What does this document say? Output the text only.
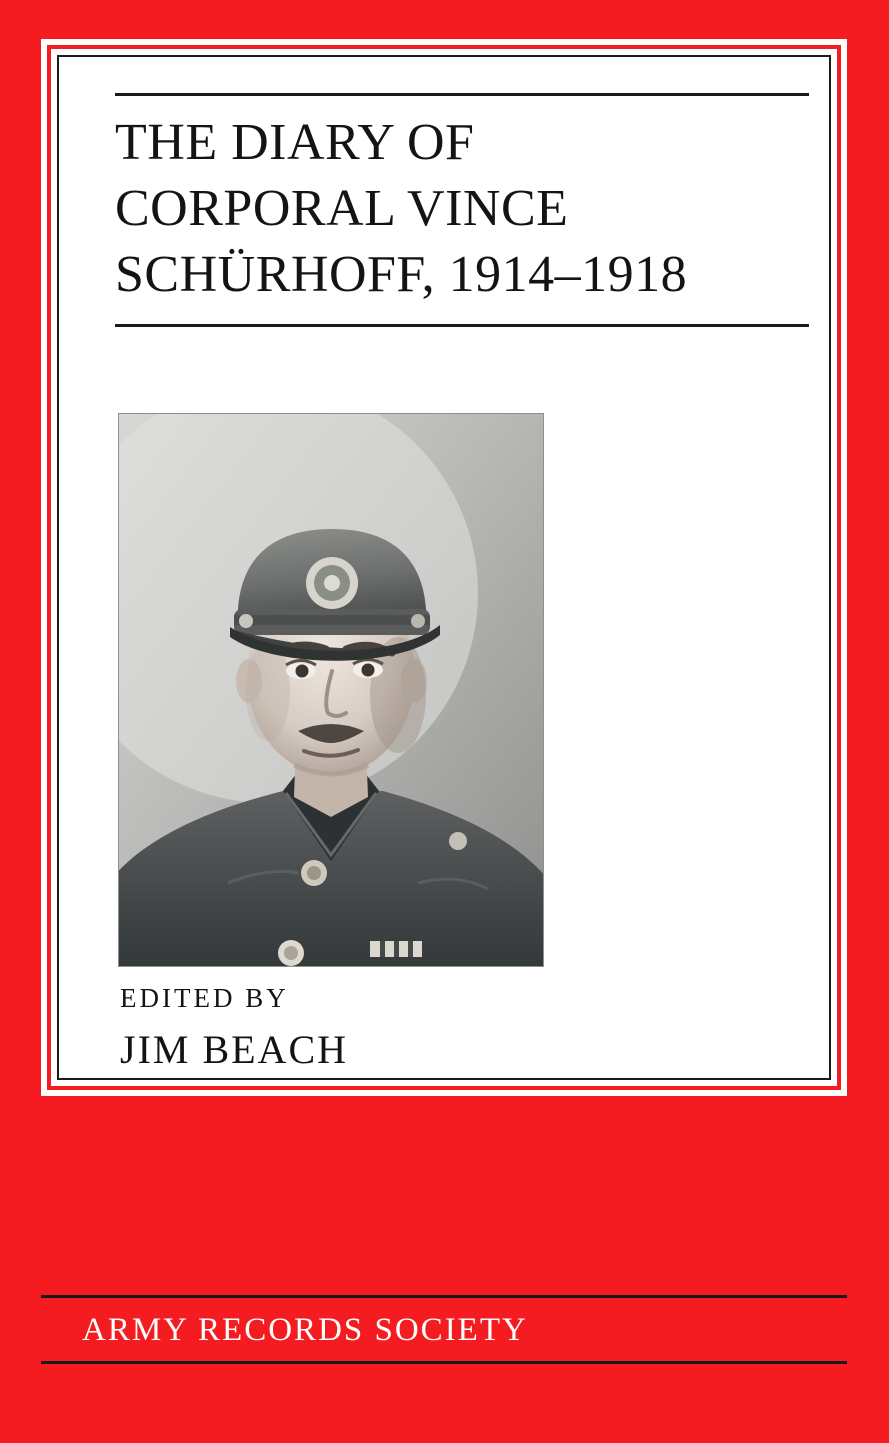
THE DIARY OF
CORPORAL VINCE
SCHÜRHOFF, 1914–1918
EDITED BY
JIM BEACH
ARMY RECORDS SOCIETY
